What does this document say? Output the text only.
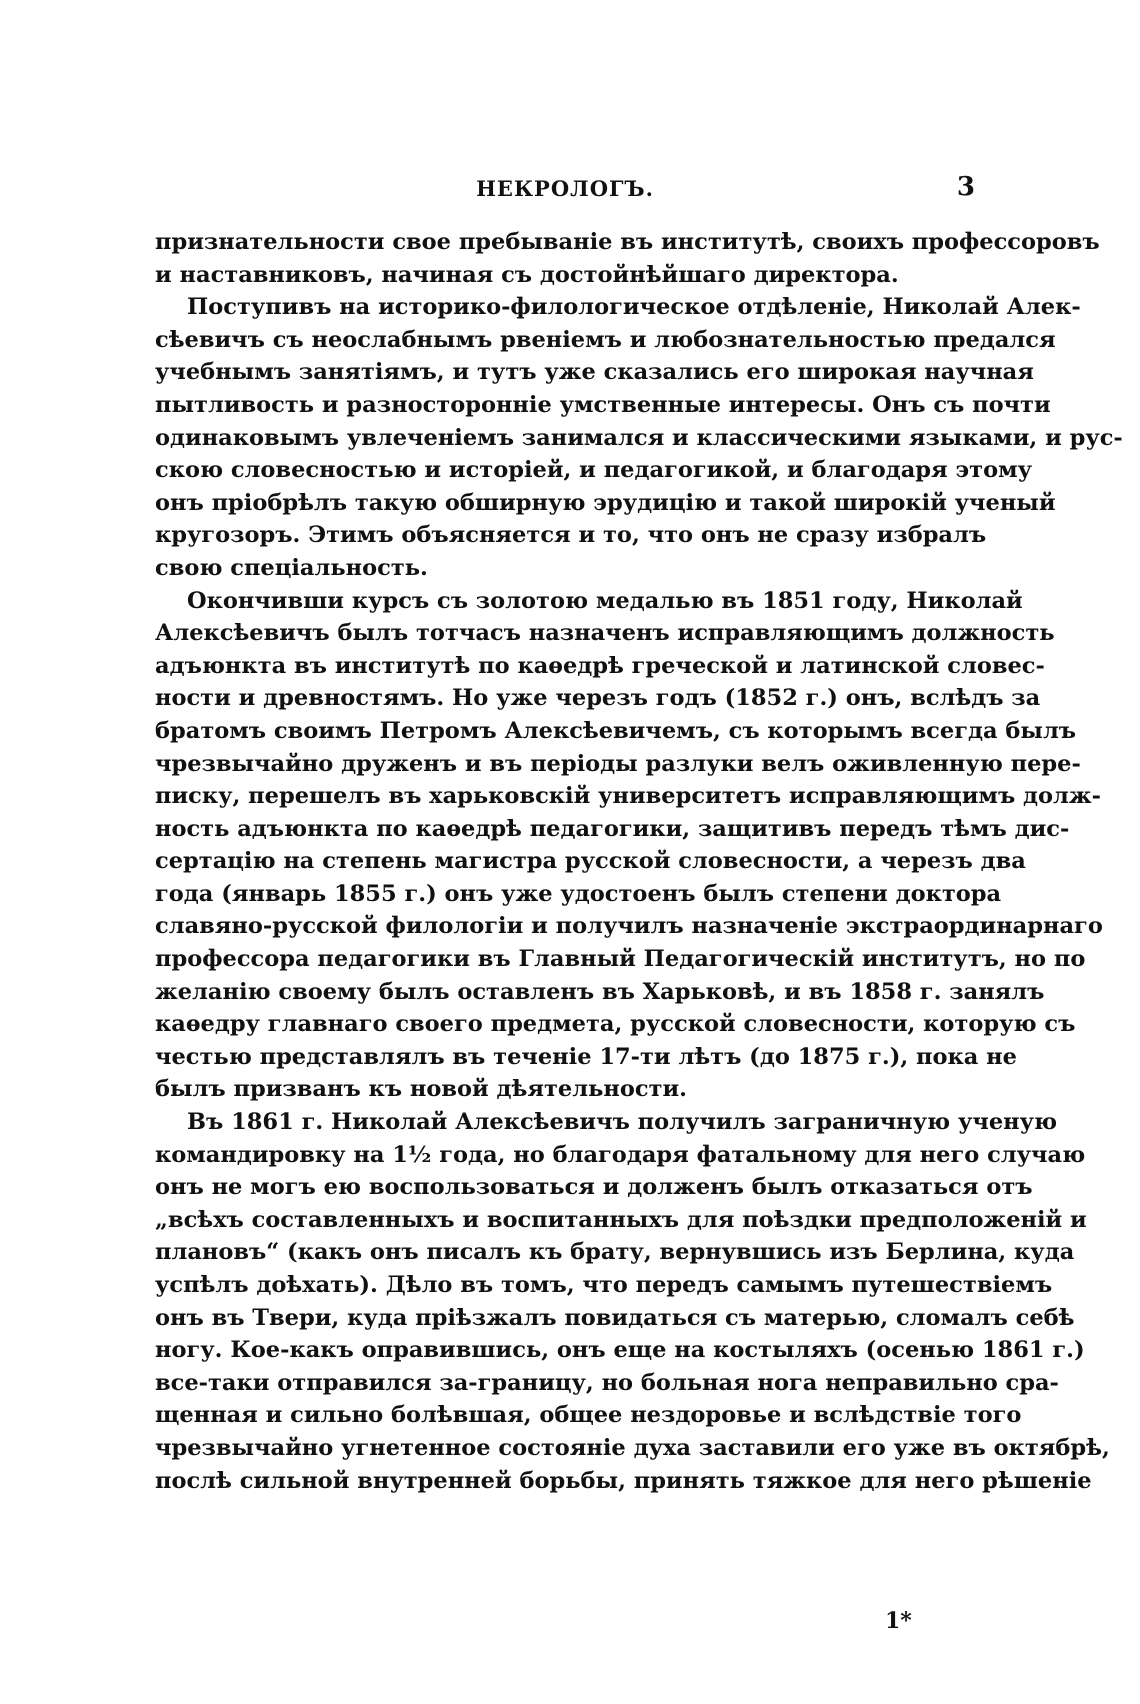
НЕКРОЛОГЪ.	3
признательности свое пребываніе въ институтѣ, своихъ профессоровъ
и наставниковъ, начиная съ достойнѣйшаго директора.
Поступивъ на историко-филологическое отдѣленіе, Николай Алек-
сѣевичъ съ неослабнымъ рвеніемъ и любознательностью предался
учебнымъ занятіямъ, и тутъ уже сказались его широкая научная
пытливость и разностороннiе умственные интересы. Онъ съ почти
одинаковымъ увлеченiемъ занимался и классическими языками, и рус-
скою словесностью и исторiей, и педагогикой, и благодаря этому
онъ прiобрѣлъ такую обширную эрудицiю и такой широкiй ученый
кругозоръ. Этимъ объясняется и то, что онъ не сразу избралъ
свою спецiальность.
Окончивши курсъ съ золотою медалью въ 1851 году, Николай
Алексѣевичъ былъ тотчасъ назначенъ исправляющимъ должность
адъюнкта въ институтѣ по каѳедрѣ греческой и латинской словес-
ности и древностямъ. Но уже черезъ годъ (1852 г.) онъ, вслѣдъ за
братомъ своимъ Петромъ Алексѣевичемъ, съ которымъ всегда былъ
чрезвычайно друженъ и въ перiоды разлуки велъ оживленную пере-
писку, перешелъ въ харьковскiй университетъ исправляющимъ долж-
ность адъюнкта по каѳедрѣ педагогики, защитивъ передъ тѣмъ дис-
сертацiю на степень магистра русской словесности, а черезъ два
года (январь 1855 г.) онъ уже удостоенъ былъ степени доктора
славяно-русской филологiи и получилъ назначенiе экстраординарнаго
профессора педагогики въ Главный Педагогическiй институтъ, но по
желанiю своему былъ оставленъ въ Харьковѣ, и въ 1858 г. занялъ
каѳедру главнаго своего предмета, русской словесности, которую съ
честью представлялъ въ теченiе 17-ти лѣтъ (до 1875 г.), пока не
былъ призванъ къ новой дѣятельности.
Въ 1861 г. Николай Алексѣевичъ получилъ заграничную ученую
командировку на 1½ года, но благодаря фатальному для него случаю
онъ не могъ ею воспользоваться и долженъ былъ отказаться отъ
„всѣхъ составленныхъ и воспитанныхъ для поѣздки предположенiй и
плановъ“ (какъ онъ писалъ къ брату, вернувшись изъ Берлина, куда
успѣлъ доѣхать). Дѣло въ томъ, что передъ самымъ путешествiемъ
онъ въ Твери, куда прiѣзжалъ повидаться съ матерью, сломалъ себѣ
ногу. Кое-какъ оправившись, онъ еще на костыляхъ (осенью 1861 г.)
все-таки отправился за-границу, но больная нога неправильно сра-
щенная и сильно болѣвшая, общее нездоровье и вслѣдствiе того
чрезвычайно угнетенное состоянiе духа заставили его уже въ октябрѣ,
послѣ сильной внутренней борьбы, принять тяжкое для него рѣшенiе
1*
